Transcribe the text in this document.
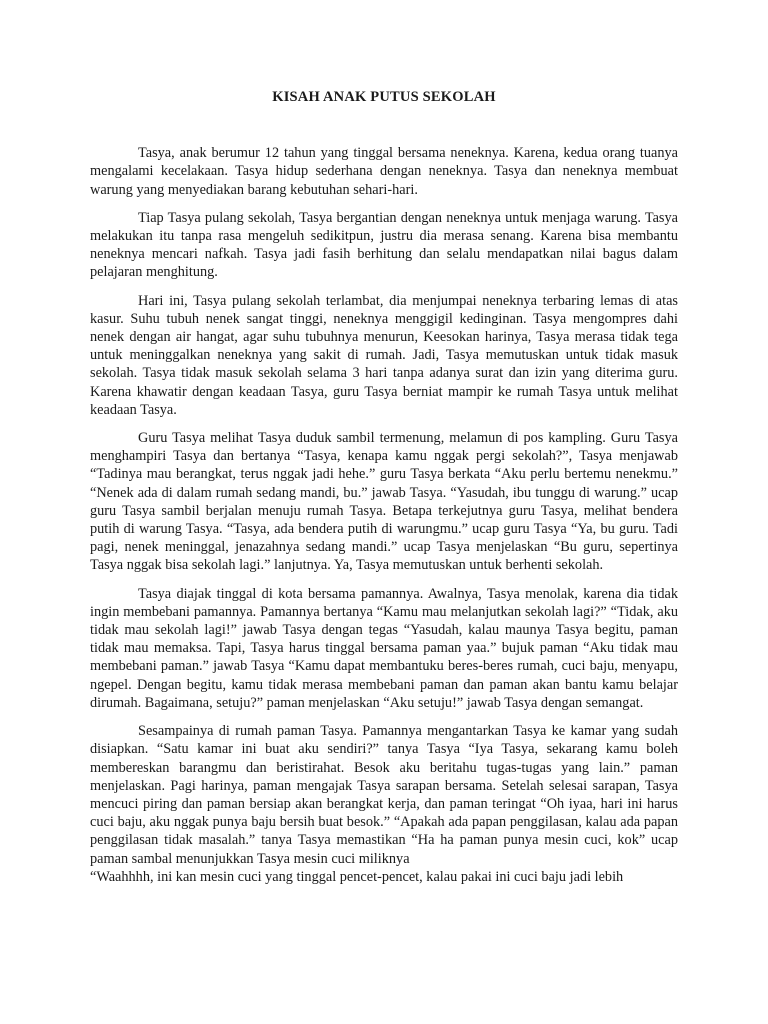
KISAH ANAK PUTUS SEKOLAH

Tasya, anak berumur 12 tahun yang tinggal bersama neneknya. Karena, kedua orang tuanya mengalami kecelakaan. Tasya hidup sederhana dengan neneknya. Tasya dan neneknya membuat warung yang menyediakan barang kebutuhan sehari-hari.

Tiap Tasya pulang sekolah, Tasya bergantian dengan neneknya untuk menjaga warung. Tasya melakukan itu tanpa rasa mengeluh sedikitpun, justru dia merasa senang. Karena bisa membantu neneknya mencari nafkah. Tasya jadi fasih berhitung dan selalu mendapatkan nilai bagus dalam pelajaran menghitung.

Hari ini, Tasya pulang sekolah terlambat, dia menjumpai neneknya terbaring lemas di atas kasur. Suhu tubuh nenek sangat tinggi, neneknya menggigil kedinginan. Tasya mengompres dahi nenek dengan air hangat, agar suhu tubuhnya menurun, Keesokan harinya, Tasya merasa tidak tega untuk meninggalkan neneknya yang sakit di rumah. Jadi, Tasya memutuskan untuk tidak masuk sekolah. Tasya tidak masuk sekolah selama 3 hari tanpa adanya surat dan izin yang diterima guru. Karena khawatir dengan keadaan Tasya, guru Tasya berniat mampir ke rumah Tasya untuk melihat keadaan Tasya.

Guru Tasya melihat Tasya duduk sambil termenung, melamun di pos kampling. Guru Tasya menghampiri Tasya dan bertanya “Tasya, kenapa kamu nggak pergi sekolah?”, Tasya menjawab “Tadinya mau berangkat, terus nggak jadi hehe.” guru Tasya berkata “Aku perlu bertemu nenekmu.” “Nenek ada di dalam rumah sedang mandi, bu.” jawab Tasya. “Yasudah, ibu tunggu di warung.” ucap guru Tasya sambil berjalan menuju rumah Tasya. Betapa terkejutnya guru Tasya, melihat bendera putih di warung Tasya. “Tasya, ada bendera putih di warungmu.” ucap guru Tasya “Ya, bu guru. Tadi pagi, nenek meninggal, jenazahnya sedang mandi.” ucap Tasya menjelaskan “Bu guru, sepertinya Tasya nggak bisa sekolah lagi.” lanjutnya. Ya, Tasya memutuskan untuk berhenti sekolah.

Tasya diajak tinggal di kota bersama pamannya. Awalnya, Tasya menolak, karena dia tidak ingin membebani pamannya. Pamannya bertanya “Kamu mau melanjutkan sekolah lagi?” “Tidak, aku tidak mau sekolah lagi!” jawab Tasya dengan tegas “Yasudah, kalau maunya Tasya begitu, paman tidak mau memaksa. Tapi, Tasya harus tinggal bersama paman yaa.” bujuk paman “Aku tidak mau membebani paman.” jawab Tasya “Kamu dapat membantuku beres-beres rumah, cuci baju, menyapu, ngepel. Dengan begitu, kamu tidak merasa membebani paman dan paman akan bantu kamu belajar dirumah. Bagaimana, setuju?” paman menjelaskan “Aku setuju!” jawab Tasya dengan semangat.

Sesampainya di rumah paman Tasya. Pamannya mengantarkan Tasya ke kamar yang sudah disiapkan. “Satu kamar ini buat aku sendiri?” tanya Tasya “Iya Tasya, sekarang kamu boleh membereskan barangmu dan beristirahat. Besok aku beritahu tugas-tugas yang lain.” paman menjelaskan. Pagi harinya, paman mengajak Tasya sarapan bersama. Setelah selesai sarapan, Tasya mencuci piring dan paman bersiap akan berangkat kerja, dan paman teringat “Oh iyaa, hari ini harus cuci baju, aku nggak punya baju bersih buat besok.” “Apakah ada papan penggilasan, kalau ada papan penggilasan tidak masalah.” tanya Tasya memastikan “Ha ha paman punya mesin cuci, kok” ucap paman sambal menunjukkan Tasya mesin cuci miliknya

“Waahhhh, ini kan mesin cuci yang tinggal pencet-pencet, kalau pakai ini cuci baju jadi lebih
